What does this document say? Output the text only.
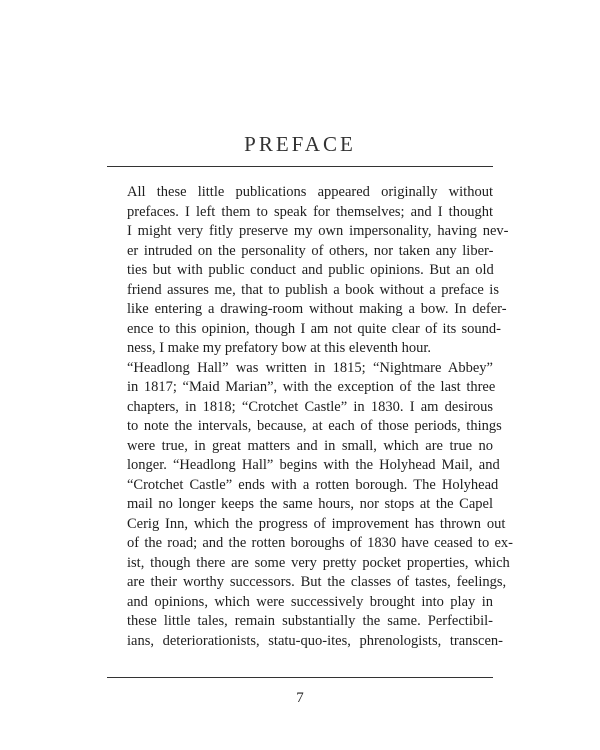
PREFACE

All these little publications appeared originally without
prefaces. I left them to speak for themselves; and I thought
I might very fitly preserve my own impersonality, having nev-
er intruded on the personality of others, nor taken any liber-
ties but with public conduct and public opinions. But an old
friend assures me, that to publish a book without a preface is
like entering a drawing-room without making a bow. In defer-
ence to this opinion, though I am not quite clear of its sound-
ness, I make my prefatory bow at this eleventh hour.

“Headlong Hall” was written in 1815; “Nightmare Abbey”
in 1817; “Maid Marian”, with the exception of the last three
chapters, in 1818; “Crotchet Castle” in 1830. I am desirous
to note the intervals, because, at each of those periods, things
were true, in great matters and in small, which are true no
longer. “Headlong Hall” begins with the Holyhead Mail, and
“Crotchet Castle” ends with a rotten borough. The Holyhead
mail no longer keeps the same hours, nor stops at the Capel
Cerig Inn, which the progress of improvement has thrown out
of the road; and the rotten boroughs of 1830 have ceased to ex-
ist, though there are some very pretty pocket properties, which
are their worthy successors. But the classes of tastes, feelings,
and opinions, which were successively brought into play in
these little tales, remain substantially the same. Perfectibil-
ians, deteriorationists, statu-quo-ites, phrenologists, transcen-

7
